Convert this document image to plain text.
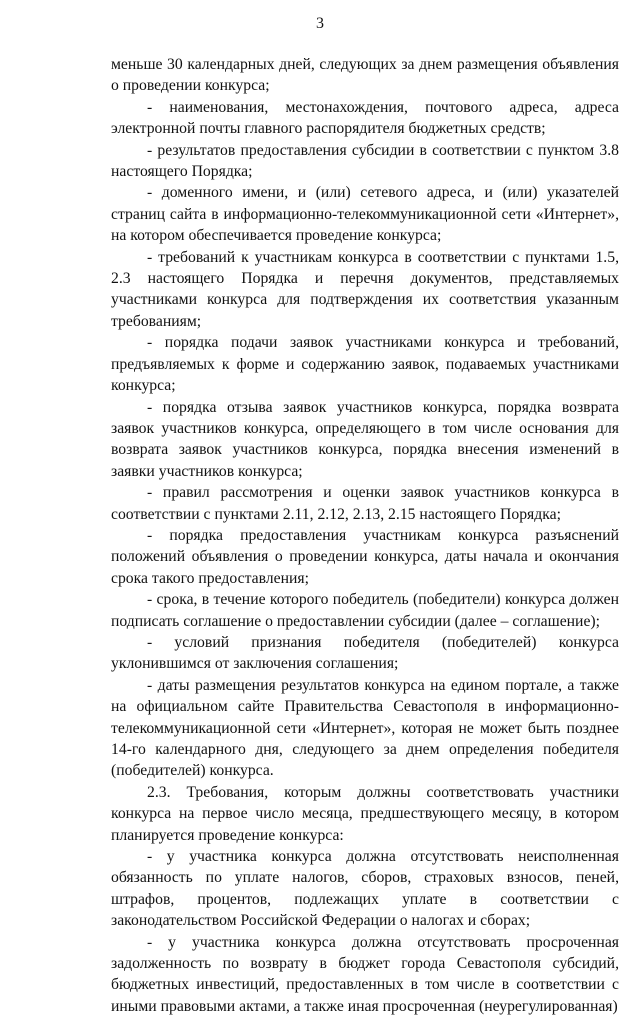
3

меньше 30 календарных дней, следующих за днем размещения объявления о проведении конкурса;

- наименования, местонахождения, почтового адреса, адреса электронной почты главного распорядителя бюджетных средств;

- результатов предоставления субсидии в соответствии с пунктом 3.8 настоящего Порядка;

- доменного имени, и (или) сетевого адреса, и (или) указателей страниц сайта в информационно-телекоммуникационной сети «Интернет», на котором обеспечивается проведение конкурса;

- требований к участникам конкурса в соответствии с пунктами 1.5, 2.3 настоящего Порядка и перечня документов, представляемых участниками конкурса для подтверждения их соответствия указанным требованиям;

- порядка подачи заявок участниками конкурса и требований, предъявляемых к форме и содержанию заявок, подаваемых участниками конкурса;

- порядка отзыва заявок участников конкурса, порядка возврата заявок участников конкурса, определяющего в том числе основания для возврата заявок участников конкурса, порядка внесения изменений в заявки участников конкурса;

- правил рассмотрения и оценки заявок участников конкурса в соответствии с пунктами 2.11, 2.12, 2.13, 2.15 настоящего Порядка;

- порядка предоставления участникам конкурса разъяснений положений объявления о проведении конкурса, даты начала и окончания срока такого предоставления;

- срока, в течение которого победитель (победители) конкурса должен подписать соглашение о предоставлении субсидии (далее – соглашение);

- условий признания победителя (победителей) конкурса уклонившимся от заключения соглашения;

- даты размещения результатов конкурса на едином портале, а также на официальном сайте Правительства Севастополя в информационно-телекоммуникационной сети «Интернет», которая не может быть позднее 14-го календарного дня, следующего за днем определения победителя (победителей) конкурса.

2.3. Требования, которым должны соответствовать участники конкурса на первое число месяца, предшествующего месяцу, в котором планируется проведение конкурса:

- у участника конкурса должна отсутствовать неисполненная обязанность по уплате налогов, сборов, страховых взносов, пеней, штрафов, процентов, подлежащих уплате в соответствии с законодательством Российской Федерации о налогах и сборах;

- у участника конкурса должна отсутствовать просроченная задолженность по возврату в бюджет города Севастополя субсидий, бюджетных инвестиций, предоставленных в том числе в соответствии с иными правовыми актами, а также иная просроченная (неурегулированная)
